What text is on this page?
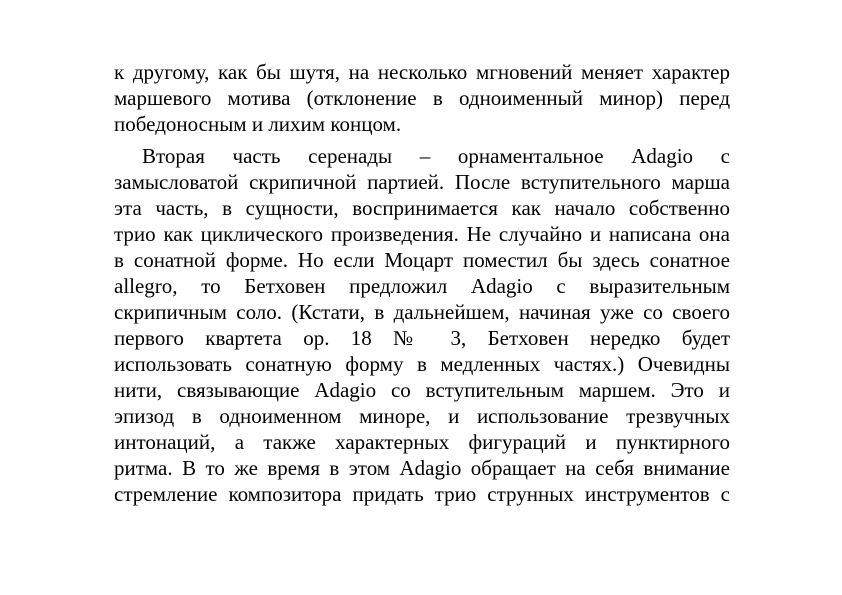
к другому, как бы шутя, на несколько мгновений меняет характер
маршевого мотива (отклонение в одноименный минор) перед
победоносным и лихим концом.
Вторая часть серенады – орнаментальное Adagio с
замысловатой скрипичной партией. После вступительного марша
эта часть, в сущности, воспринимается как начало собственно
трио как циклического произведения. Не случайно и написана она
в сонатной форме. Но если Моцарт поместил бы здесь сонатное
allegro, то Бетховен предложил Adagio с выразительным
скрипичным соло. (Кстати, в дальнейшем, начиная уже со своего
первого квартета ор. 18 № 3, Бетховен нередко будет
использовать сонатную форму в медленных частях.) Очевидны
нити, связывающие Adagio со вступительным маршем. Это и
эпизод в одноименном миноре, и использование трезвучных
интонаций, а также характерных фигураций и пунктирного
ритма. В то же время в этом Adagio обращает на себя внимание
стремление композитора придать трио струнных инструментов с
